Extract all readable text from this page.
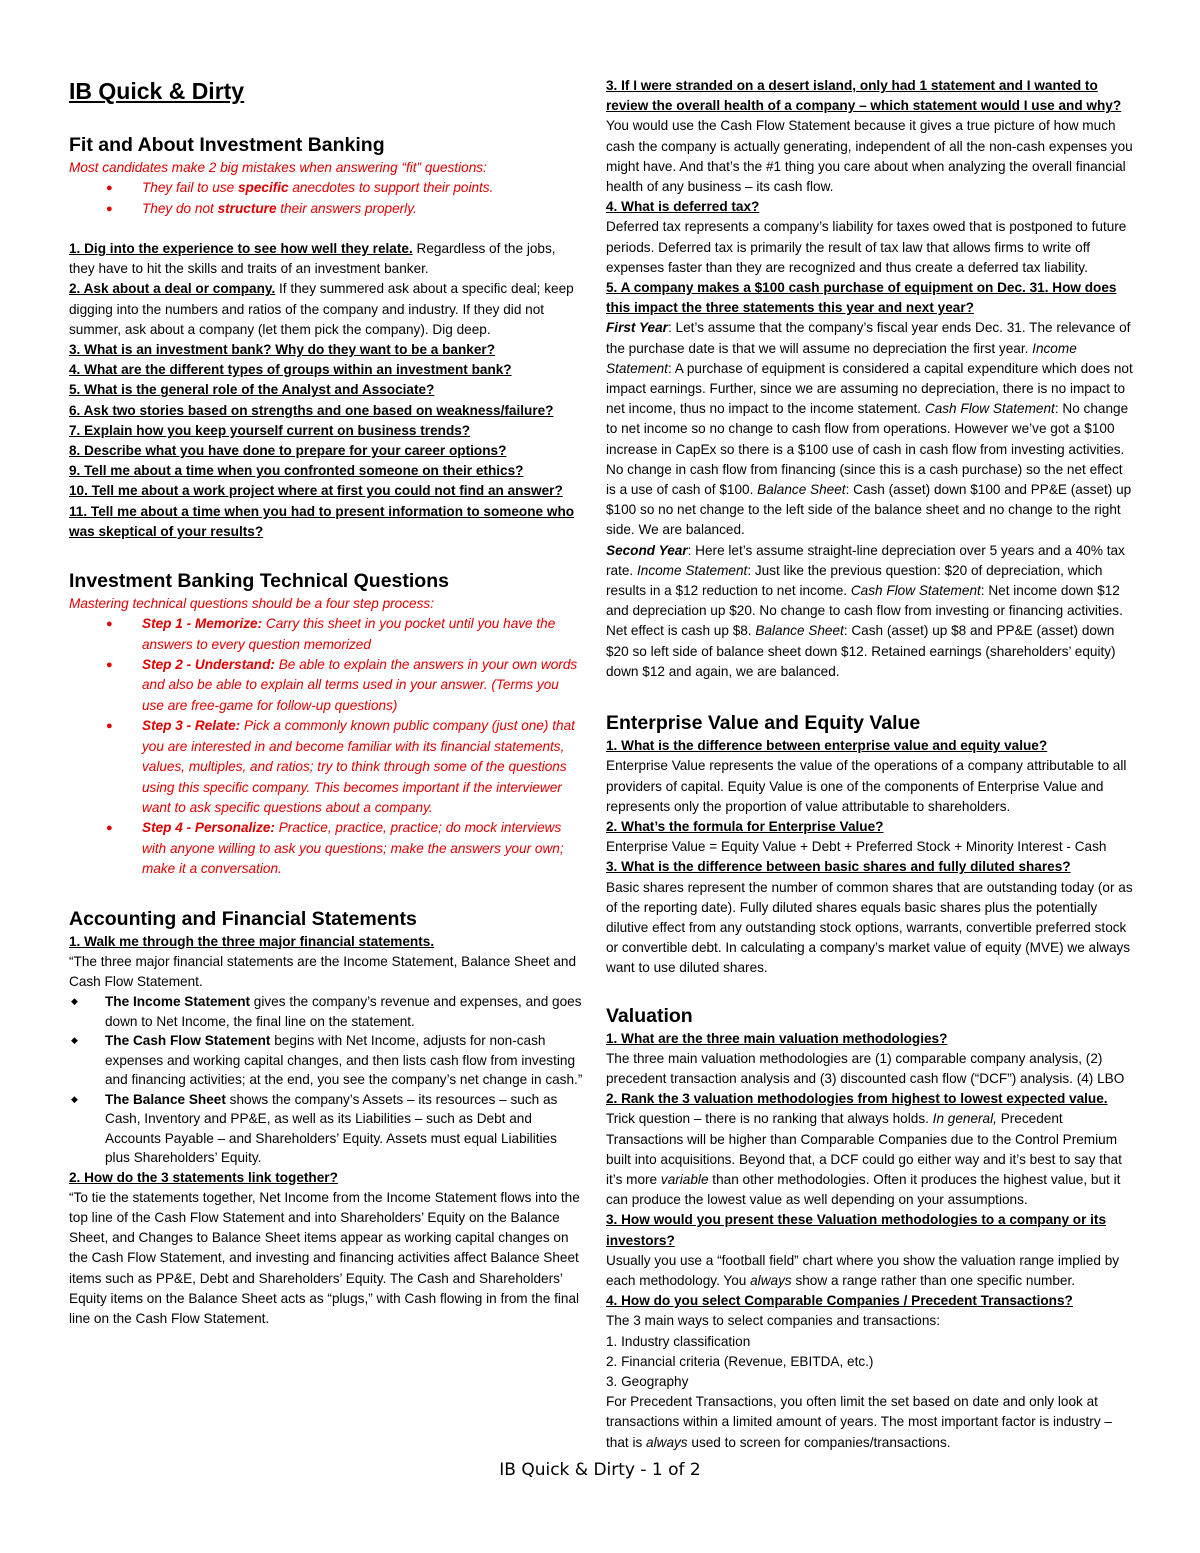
IB Quick & Dirty
Fit and About Investment Banking

Most candidates make 2 big mistakes when answering “fit” questions:

● They fail to use specific anecdotes to support their points.
● They do not structure their answers properly.

1. Dig into the experience to see how well they relate. Regardless of the jobs, they have to hit the skills and traits of an investment banker.

2. Ask about a deal or company. If they summered ask about a specific deal; keep digging into the numbers and ratios of the company and industry. If they did not summer, ask about a company (let them pick the company). Dig deep.

3. What is an investment bank? Why do they want to be a banker?

4. What are the different types of groups within an investment bank?

5. What is the general role of the Analyst and Associate?

6. Ask two stories based on strengths and one based on weakness/failure?

7. Explain how you keep yourself current on business trends?

8. Describe what you have done to prepare for your career options?

9. Tell me about a time when you confronted someone on their ethics?

10. Tell me about a work project where at first you could not find an answer?

11. Tell me about a time when you had to present information to someone who was skeptical of your results?

Investment Banking Technical Questions

Mastering technical questions should be a four step process:

● Step 1 - Memorize: Carry this sheet in you pocket until you have the answers to every question memorized
● Step 2 - Understand: Be able to explain the answers in your own words and also be able to explain all terms used in your answer. (Terms you use are free-game for follow-up questions)
● Step 3 - Relate: Pick a commonly known public company (just one) that you are interested in and become familiar with its financial statements, values, multiples, and ratios; try to think through some of the questions using this specific company. This becomes important if the interviewer want to ask specific questions about a company.
● Step 4 - Personalize: Practice, practice, practice; do mock interviews with anyone willing to ask you questions; make the answers your own; make it a conversation.
Accounting and Financial Statements

1. Walk me through the three major financial statements.

“The three major financial statements are the Income Statement, Balance Sheet and Cash Flow Statement.

◆ The Income Statement gives the company’s revenue and expenses, and goes down to Net Income, the final line on the statement.
◆ The Cash Flow Statement begins with Net Income, adjusts for non-cash expenses and working capital changes, and then lists cash flow from investing and financing activities; at the end, you see the company’s net change in cash.”
◆ The Balance Sheet shows the company’s Assets – its resources – such as Cash, Inventory and PP&E, as well as its Liabilities – such as Debt and Accounts Payable – and Shareholders’ Equity. Assets must equal Liabilities plus Shareholders’ Equity.

2. How do the 3 statements link together?

“To tie the statements together, Net Income from the Income Statement flows into the top line of the Cash Flow Statement and into Shareholders’ Equity on the Balance Sheet, and Changes to Balance Sheet items appear as working capital changes on the Cash Flow Statement, and investing and financing activities affect Balance Sheet items such as PP&E, Debt and Shareholders’ Equity. The Cash and Shareholders’ Equity items on the Balance Sheet acts as “plugs,” with Cash flowing in from the final line on the Cash Flow Statement.

3. If I were stranded on a desert island, only had 1 statement and I wanted to review the overall health of a company – which statement would I use and why?

You would use the Cash Flow Statement because it gives a true picture of how much cash the company is actually generating, independent of all the non-cash expenses you might have. And that’s the #1 thing you care about when analyzing the overall financial health of any business – its cash flow.

4. What is deferred tax?

Deferred tax represents a company’s liability for taxes owed that is postponed to future periods. Deferred tax is primarily the result of tax law that allows firms to write off expenses faster than they are recognized and thus create a deferred tax liability.

5. A company makes a $100 cash purchase of equipment on Dec. 31. How does this impact the three statements this year and next year?

First Year: Let’s assume that the company’s fiscal year ends Dec. 31. The relevance of the purchase date is that we will assume no depreciation the first year. Income Statement: A purchase of equipment is considered a capital expenditure which does not impact earnings. Further, since we are assuming no depreciation, there is no impact to net income, thus no impact to the income statement. Cash Flow Statement: No change to net income so no change to cash flow from operations. However we’ve got a $100 increase in CapEx so there is a $100 use of cash in cash flow from investing activities. No change in cash flow from financing (since this is a cash purchase) so the net effect is a use of cash of $100. Balance Sheet: Cash (asset) down $100 and PP&E (asset) up $100 so no net change to the left side of the balance sheet and no change to the right side. We are balanced.

Second Year: Here let’s assume straight-line depreciation over 5 years and a 40% tax rate. Income Statement: Just like the previous question: $20 of depreciation, which results in a $12 reduction to net income. Cash Flow Statement: Net income down $12 and depreciation up $20. No change to cash flow from investing or financing activities. Net effect is cash up $8. Balance Sheet: Cash (asset) up $8 and PP&E (asset) down $20 so left side of balance sheet down $12. Retained earnings (shareholders’ equity) down $12 and again, we are balanced.

Enterprise Value and Equity Value

1. What is the difference between enterprise value and equity value?

Enterprise Value represents the value of the operations of a company attributable to all providers of capital. Equity Value is one of the components of Enterprise Value and represents only the proportion of value attributable to shareholders.

2. What’s the formula for Enterprise Value?

Enterprise Value = Equity Value + Debt + Preferred Stock + Minority Interest - Cash

3. What is the difference between basic shares and fully diluted shares?

Basic shares represent the number of common shares that are outstanding today (or as of the reporting date). Fully diluted shares equals basic shares plus the potentially dilutive effect from any outstanding stock options, warrants, convertible preferred stock or convertible debt. In calculating a company’s market value of equity (MVE) we always want to use diluted shares.

Valuation

1. What are the three main valuation methodologies?

The three main valuation methodologies are (1) comparable company analysis, (2) precedent transaction analysis and (3) discounted cash flow (“DCF”) analysis. (4) LBO

2. Rank the 3 valuation methodologies from highest to lowest expected value.

Trick question – there is no ranking that always holds. In general, Precedent Transactions will be higher than Comparable Companies due to the Control Premium built into acquisitions. Beyond that, a DCF could go either way and it’s best to say that it’s more variable than other methodologies. Often it produces the highest value, but it can produce the lowest value as well depending on your assumptions.

3. How would you present these Valuation methodologies to a company or its investors?

Usually you use a “football field” chart where you show the valuation range implied by each methodology. You always show a range rather than one specific number.

4. How do you select Comparable Companies / Precedent Transactions?

The 3 main ways to select companies and transactions:

1. Industry classification

2. Financial criteria (Revenue, EBITDA, etc.)

3. Geography

For Precedent Transactions, you often limit the set based on date and only look at transactions within a limited amount of years. The most important factor is industry – that is always used to screen for companies/transactions.

IB Quick & Dirty - 1 of 2
